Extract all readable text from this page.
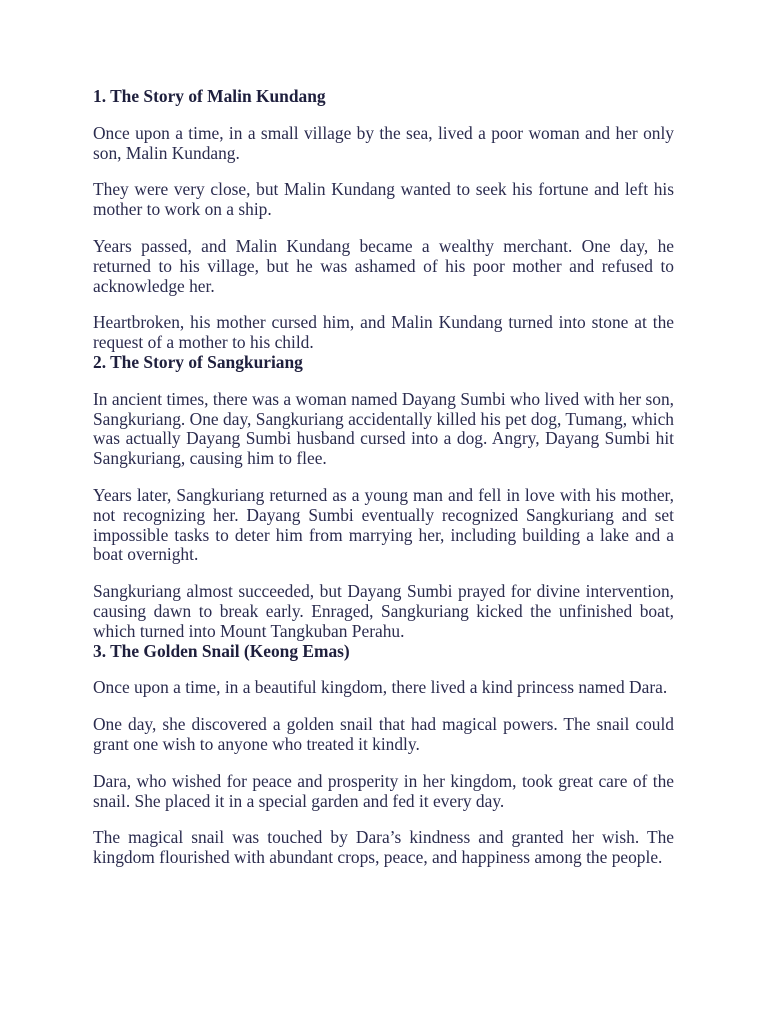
1. The Story of Malin Kundang

Once upon a time, in a small village by the sea, lived a poor woman and her only son, Malin Kundang.

They were very close, but Malin Kundang wanted to seek his fortune and left his mother to work on a ship.

Years passed, and Malin Kundang became a wealthy merchant. One day, he returned to his village, but he was ashamed of his poor mother and refused to acknowledge her.

Heartbroken, his mother cursed him, and Malin Kundang turned into stone at the request of a mother to his child.

2. The Story of Sangkuriang

In ancient times, there was a woman named Dayang Sumbi who lived with her son, Sangkuriang. One day, Sangkuriang accidentally killed his pet dog, Tumang, which was actually Dayang Sumbi husband cursed into a dog. Angry, Dayang Sumbi hit Sangkuriang, causing him to flee.

Years later, Sangkuriang returned as a young man and fell in love with his mother, not recognizing her. Dayang Sumbi eventually recognized Sangkuriang and set impossible tasks to deter him from marrying her, including building a lake and a boat overnight.

Sangkuriang almost succeeded, but Dayang Sumbi prayed for divine intervention, causing dawn to break early. Enraged, Sangkuriang kicked the unfinished boat, which turned into Mount Tangkuban Perahu.

3. The Golden Snail (Keong Emas)

Once upon a time, in a beautiful kingdom, there lived a kind princess named Dara.

One day, she discovered a golden snail that had magical powers. The snail could grant one wish to anyone who treated it kindly.

Dara, who wished for peace and prosperity in her kingdom, took great care of the snail. She placed it in a special garden and fed it every day.

The magical snail was touched by Dara’s kindness and granted her wish. The kingdom flourished with abundant crops, peace, and happiness among the people.
